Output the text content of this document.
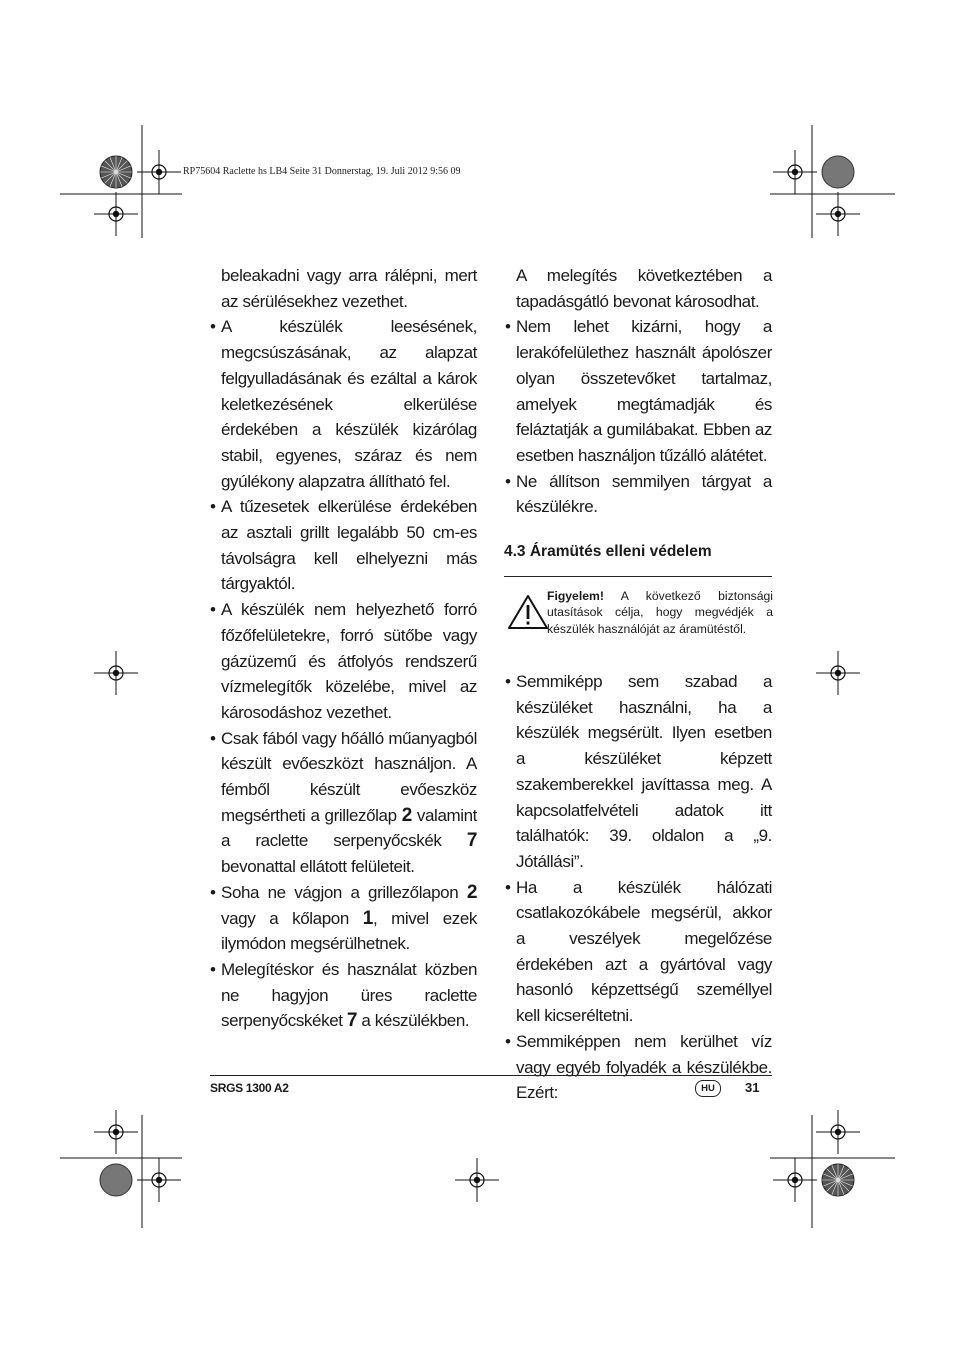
RP75604 Raclette hs LB4 Seite 31 Donnerstag, 19. Juli 2012 9:56 09

beleakadni vagy arra rálépni, mert az sérülésekhez vezethet.

• A készülék leesésének, megcsúszásának, az alapzat felgyulladásának és ezáltal a károk keletkezésének elkerülése érdekében a készülék kizárólag stabil, egyenes, száraz és nem gyúlékony alapzatra állítható fel.

• A tűzesetek elkerülése érdekében az asztali grillt legalább 50 cm-es távolságra kell elhelyezni más tárgyaktól.

• A készülék nem helyezhető forró főzőfelületekre, forró sütőbe vagy gázüzemű és átfolyós rendszerű vízmelegítők közelébe, mivel az károsodáshoz vezethet.

• Csak fából vagy hőálló műanyagból készült evőeszközt használjon. A fémből készült evőeszköz megsértheti a grillezőlap 2 valamint a raclette serpenyőcskék 7 bevonattal ellátott felületeit.

• Soha ne vágjon a grillezőlapon 2 vagy a kőlapon 1, mivel ezek ilymódon megsérülhetnek.

• Melegítéskor és használat közben ne hagyjon üres raclette serpenyőcskéket 7 a készülékben.

A melegítés következtében a tapadásgátló bevonat károsodhat.

• Nem lehet kizárni, hogy a lerakófelülethez használt ápolószer olyan összetevőket tartalmaz, amelyek megtámadják és feláztatják a gumilábakat. Ebben az esetben használjon tűzálló alátétet.

• Ne állítson semmilyen tárgyat a készülékre.

4.3 Áramütés elleni védelem
Figyelem! A következő biztonsági utasítások célja, hogy megvédjék a készülék használóját az áramütéstől.

• Semmiképp sem szabad a készüléket használni, ha a készülék megsérült. Ilyen esetben a készüléket képzett szakemberekkel javíttassa meg. A kapcsolatfelvételi adatok itt találhatók: 39. oldalon a „9. Jótállási”.

• Ha a készülék hálózati csatlakozókábele megsérül, akkor a veszélyek megelőzése érdekében azt a gyártóval vagy hasonló képzettségű személlyel kell kicseréltetni.

• Semmiképpen nem kerülhet víz vagy egyéb folyadék a készülékbe. Ezért:

SRGS 1300 A2	HU	31
